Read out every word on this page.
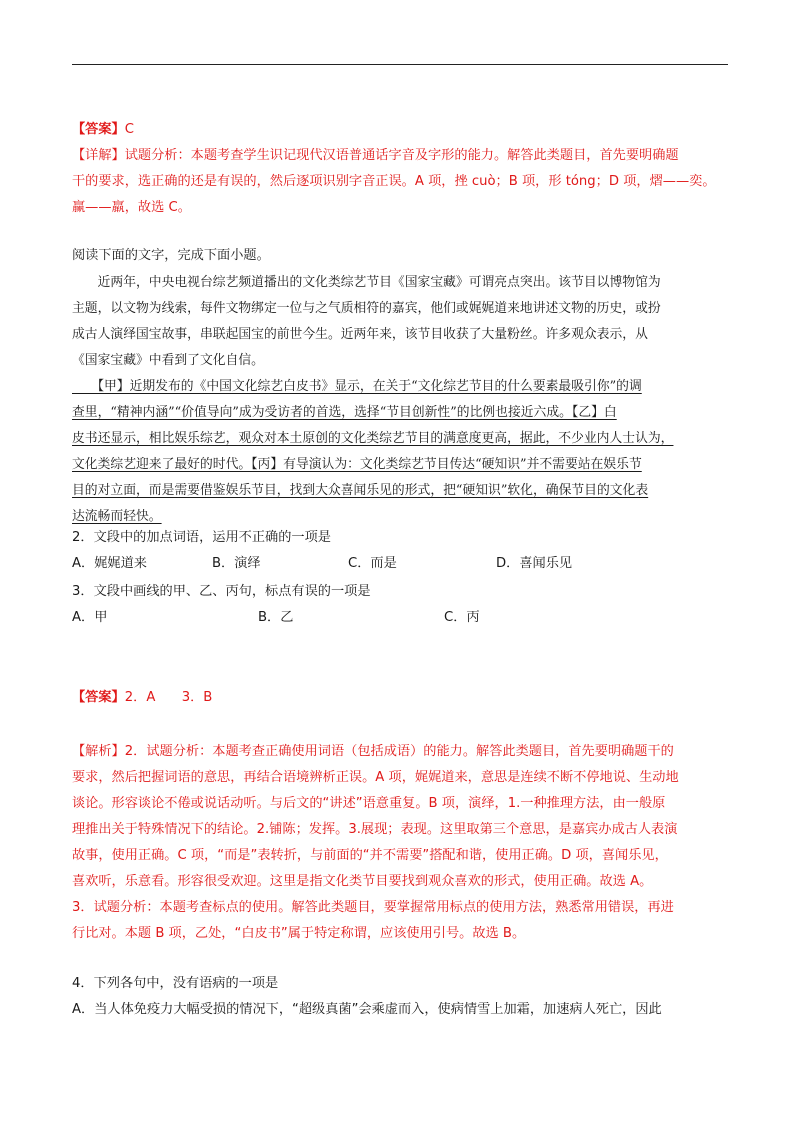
【答案】C
【详解】试题分析：本题考查学生识记现代汉语普通话字音及字形的能力。解答此类题目，首先要明确题
干的要求，选正确的还是有误的，然后逐项识别字音正误。A 项，挫 cuò；B 项，形 tóng；D 项，熠——奕。
赢——羸，故选 C。
阅读下面的文字，完成下面小题。
　　近两年，中央电视台综艺频道播出的文化类综艺节目《国家宝藏》可谓亮点突出。该节目以博物馆为
主题，以文物为线索，每件文物绑定一位与之气质相符的嘉宾，他们或娓娓道来地讲述文物的历史，或扮
成古人演绎国宝故事，串联起国宝的前世今生。近两年来，该节目收获了大量粉丝。许多观众表示，从
《国家宝藏》中看到了文化自信。
　　【甲】近期发布的《中国文化综艺白皮书》显示，在关于“文化综艺节目的什么要素最吸引你”的调
查里，“精神内涵”“价值导向”成为受访者的首选，选择“节目创新性”的比例也接近六成。【乙】白
皮书还显示，相比娱乐综艺，观众对本土原创的文化类综艺节目的满意度更高，据此，不少业内人士认为，
文化类综艺迎来了最好的时代。【丙】有导演认为：文化类综艺节目传达“硬知识”并不需要站在娱乐节
目的对立面，而是需要借鉴娱乐节目，找到大众喜闻乐见的形式，把“硬知识”软化，确保节目的文化表
达流畅而轻快。
2．文段中的加点词语，运用不正确的一项是
A．娓娓道来	B．演绎	C．而是	D．喜闻乐见
3．文段中画线的甲、乙、丙句，标点有误的一项是
A．甲	B．乙	C．丙
【答案】2．A　　3．B
【解析】2．试题分析：本题考查正确使用词语（包括成语）的能力。解答此类题目，首先要明确题干的
要求，然后把握词语的意思，再结合语境辨析正误。A 项，娓娓道来，意思是连续不断不停地说、生动地
谈论。形容谈论不倦或说话动听。与后文的“讲述”语意重复。B 项，演绎，1.一种推理方法，由一般原
理推出关于特殊情况下的结论。2.铺陈；发挥。3.展现；表现。这里取第三个意思，是嘉宾办成古人表演
故事，使用正确。C 项，“而是”表转折，与前面的“并不需要”搭配和谐，使用正确。D 项，喜闻乐见，
喜欢听，乐意看。形容很受欢迎。这里是指文化类节目要找到观众喜欢的形式，使用正确。故选 A。
3．试题分析：本题考查标点的使用。解答此类题目，要掌握常用标点的使用方法，熟悉常用错误，再进
行比对。本题 B 项，乙处，“白皮书”属于特定称谓，应该使用引号。故选 B。
4．下列各句中，没有语病的一项是
A．当人体免疫力大幅受损的情况下，“超级真菌”会乘虚而入，使病情雪上加霜，加速病人死亡，因此
